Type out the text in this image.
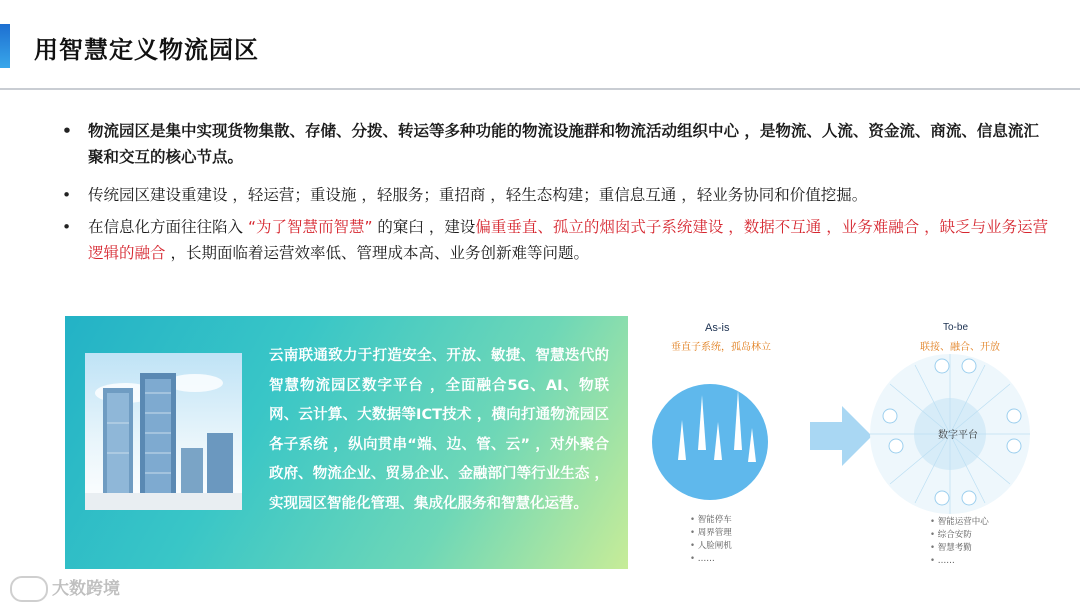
用智慧定义物流园区
• 物流园区是集中实现货物集散、存储、分拨、转运等多种功能的物流设施群和物流活动组织中心 ，是物流、人流、资金流、商流、信息流汇聚和交互的核心节点。
• 传统园区建设重建设 ，轻运营；重设施 ，轻服务；重招商 ，轻生态构建；重信息互通 ，轻业务协同和价值挖掘。
• 在信息化方面往往陷入 “为了智慧而智慧” 的窠臼 ，建设偏重垂直、孤立的烟囱式子系统建设 ，数据不互通 ，业务难融合 ，缺乏与业务运营逻辑的融合 ，长期面临着运营效率低、管理成本高、业务创新难等问题。
云南联通致力于打造安全、开放、敏捷、智慧迭代的智慧物流园区数字平台 ，全面融合5G、AI、物联网、云计算、大数据等ICT技术 ，横向打通物流园区各子系统 ，纵向贯串“端、边、管、云” ，对外聚合政府、物流企业、贸易企业、金融部门等行业生态 ，实现园区智能化管理、集成化服务和智慧化运营。
As-is
垂直子系统，孤岛林立
To-be
联接、融合、开放
数字平台
• 智能停车
• 周界管理
• 人脸闸机
• ……
• 智能运营中心
• 综合安防
• 智慧考勤
• ……
大数跨境
